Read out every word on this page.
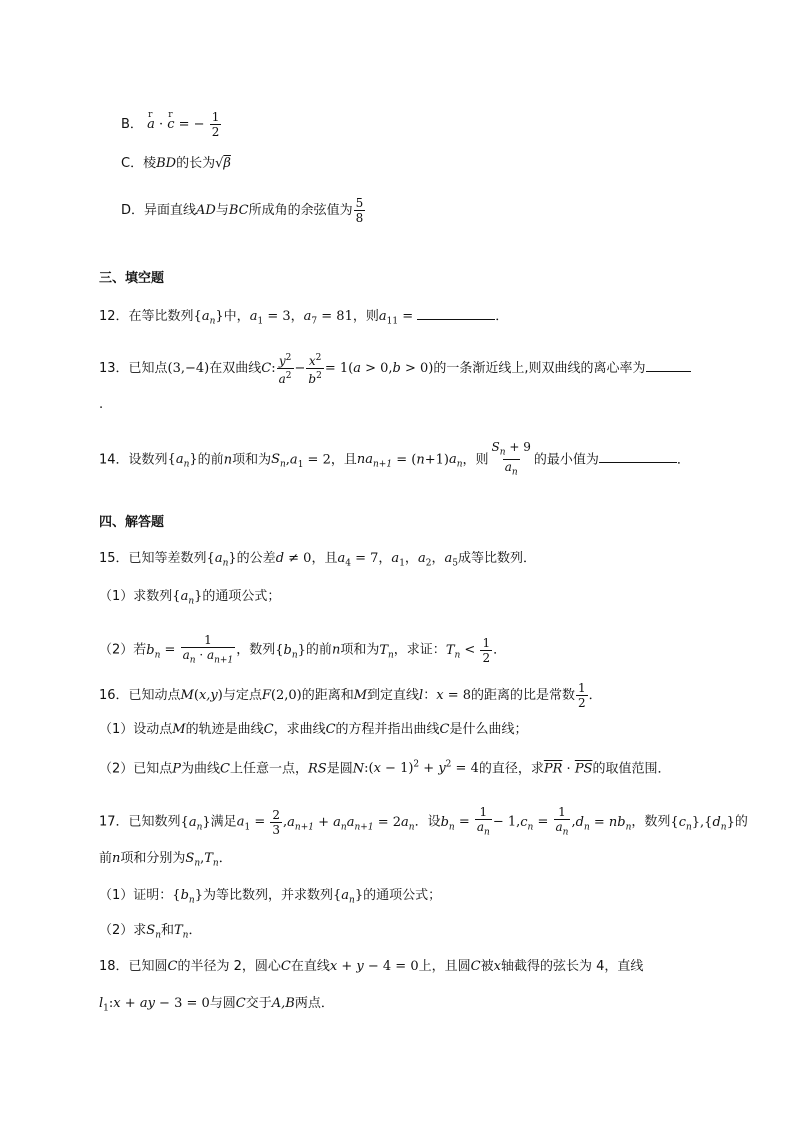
B． r a · r c = − $\frac{1}{2}$
C．棱BD的长为√β
D．异面直线AD与BC所成角的余弦值为 $\frac{5}{8}$
三、填空题
12．在等比数列$\{a_n\}$中，$a_1 = 3$，$a_7 = 81$，则$a_{11}$ =	．
13．已知点(3,−4)在双曲线C: $\frac{y^2}{a^2} - \frac{x^2}{b^2} = 1(a > 0,b > 0)$的一条渐近线上,则双曲线的离心率为
.
14．设数列$\{a_n\}$的前n项和为$S_n,a_1 = 2$，且$na_{n+1} = (n+1)a_n$，则 $\frac{S_n + 9}{a_n}$ 的最小值为	．
四、解答题
15．已知等差数列$\{a_n\}$的公差d ≠ 0，且$a_4 = 7$，$a_1$，$a_2$，$a_5$成等比数列．
（1）求数列$\{a_n\}$的通项公式；
（2）若$b_n = \frac{1}{a_n \cdot a_{n+1}}$ ，数列$\{b_n\}$的前n项和为$T_n$，求证：$T_n < \frac{1}{2}$ ．
16．已知动点M(x,y)与定点F(2,0)的距离和M到定直线l：x = 8的距离的比是常数 $\frac{1}{2}$ ．
（1）设动点M的轨迹是曲线C，求曲线C的方程并指出曲线C是什么曲线；
（2）已知点P为曲线C上任意一点，RS是圆N:(x − $1)^2 + y^2 = 4$的直径，求$\overline{PR} \cdot \overline{PS}$的取值范围．
17．已知数列$\{a_n\}$满足$a_1 = \frac{2}{3} ,a_{n+1} + a_na_{n+1} = 2a_n$．设$b_n = \frac{1}{a_n} - 1,c_n = \frac{1}{a_n} ,d_n = nb_n$，数列$\{c_n\},\{d_n\}$的
前n项和分别为$S_n,T_n$．
（1）证明：$\{b_n\}$为等比数列，并求数列$\{a_n\}$的通项公式；
（2）求$S_n$和$T_n$．
18．已知圆C的半径为 2，圆心C在直线x + y − 4 = 0上，且圆C被x轴截得的弦长为 4，直线
$l_1:x$ + ay − 3 = 0与圆C交于A,B两点．
